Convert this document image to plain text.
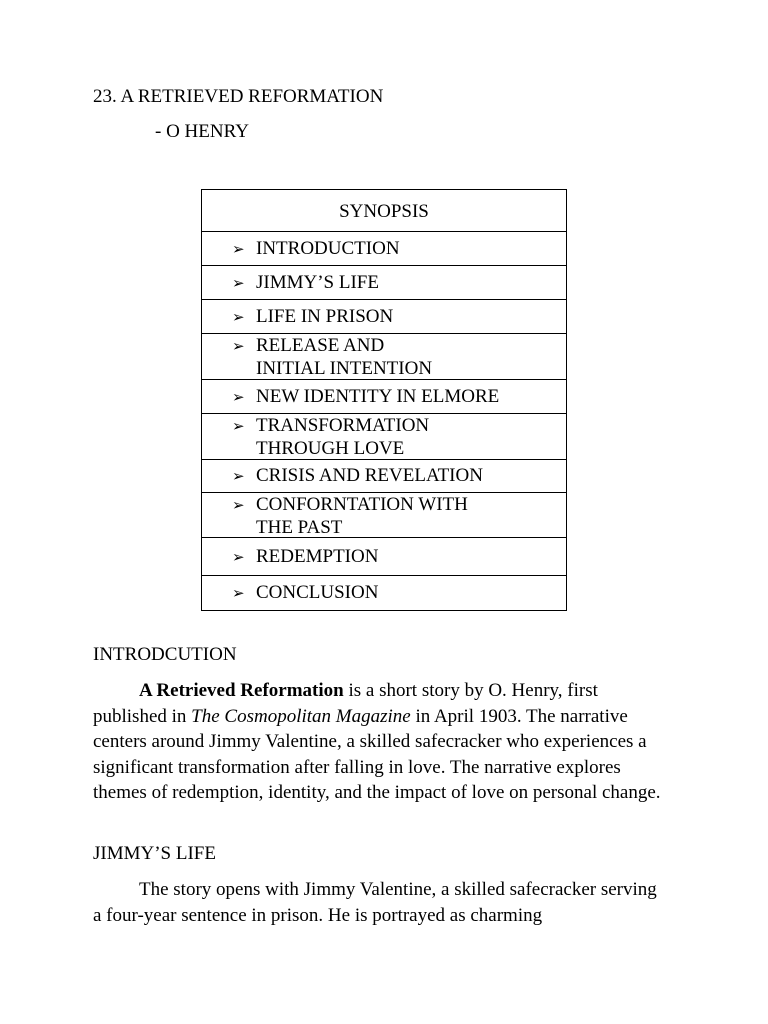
23. A RETRIEVED REFORMATION
- O HENRY
SYNOPSIS
➢ INTRODUCTION
➢ JIMMY’S LIFE
➢ LIFE IN PRISON
➢ RELEASE AND
INITIAL INTENTION
➢ NEW IDENTITY IN ELMORE
➢ TRANSFORMATION
THROUGH LOVE
➢ CRISIS AND REVELATION
➢ CONFORNTATION WITH
THE PAST
➢ REDEMPTION
➢ CONCLUSION
INTRODCUTION
A Retrieved Reformation is a short story by O. Henry, first published in The Cosmopolitan Magazine in April 1903. The narrative centers around Jimmy Valentine, a skilled safecracker who experiences a significant transformation after falling in love. The narrative explores themes of redemption, identity, and the impact of love on personal change.
JIMMY’S LIFE
The story opens with Jimmy Valentine, a skilled safecracker serving a four-year sentence in prison. He is portrayed as charming
